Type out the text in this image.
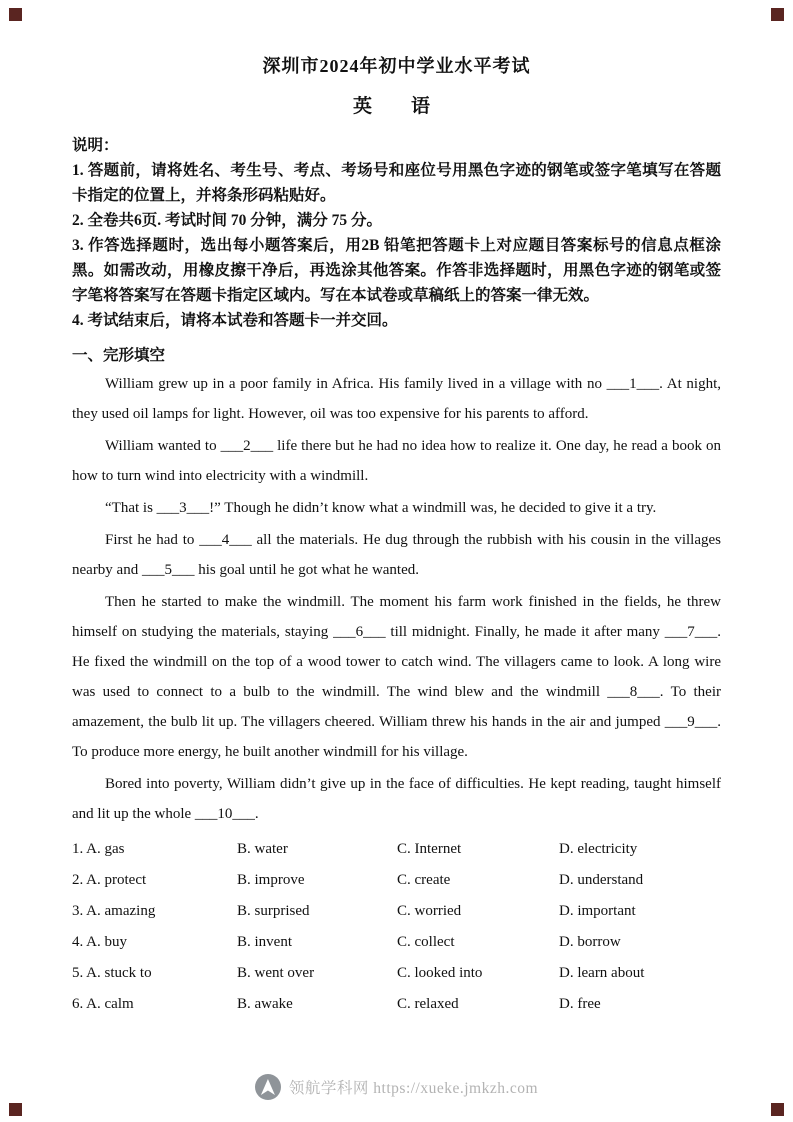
深圳市2024年初中学业水平考试
英　语
说明：
1. 答题前，请将姓名、考生号、考点、考场号和座位号用黑色字迹的钢笔或签字笔填写在答题卡指定的位置上，并将条形码粘贴好。
2. 全卷共6页. 考试时间 70 分钟，满分 75 分。
3. 作答选择题时，选出每小题答案后，用2B 铅笔把答题卡上对应题目答案标号的信息点框涂黑。如需改动，用橡皮擦干净后，再选涂其他答案。作答非选择题时，用黑色字迹的钢笔或签字笔将答案写在答题卡指定区域内。写在本试卷或草稿纸上的答案一律无效。
4. 考试结束后，请将本试卷和答题卡一并交回。
一、完形填空

William grew up in a poor family in Africa. His family lived in a village with no ___1___. At night, they used oil lamps for light. However, oil was too expensive for his parents to afford.

William wanted to ___2___ life there but he had no idea how to realize it. One day, he read a book on how to turn wind into electricity with a windmill.

“That is ___3___!” Though he didn’t know what a windmill was, he decided to give it a try.

First he had to ___4___ all the materials. He dug through the rubbish with his cousin in the villages nearby and ___5___ his goal until he got what he wanted.

Then he started to make the windmill. The moment his farm work finished in the fields, he threw himself on studying the materials, staying ___6___ till midnight. Finally, he made it after many ___7___. He fixed the windmill on the top of a wood tower to catch wind. The villagers came to look. A long wire was used to connect to a bulb to the windmill. The wind blew and the windmill ___8___. To their amazement, the bulb lit up. The villagers cheered. William threw his hands in the air and jumped ___9___. To produce more energy, he built another windmill for his village.

Bored into poverty, William didn’t give up in the face of difficulties. He kept reading, taught himself and lit up the whole ___10___.

1. A. gas	B. water	C. Internet	D. electricity
2. A. protect	B. improve	C. create	D. understand
3. A. amazing	B. surprised	C. worried	D. important
4. A. buy	B. invent	C. collect	D. borrow
5. A. stuck to	B. went over	C. looked into	D. learn about
6. A. calm	B. awake	C. relaxed	D. free
领航学科网 https://xueke.jmkzh.com
